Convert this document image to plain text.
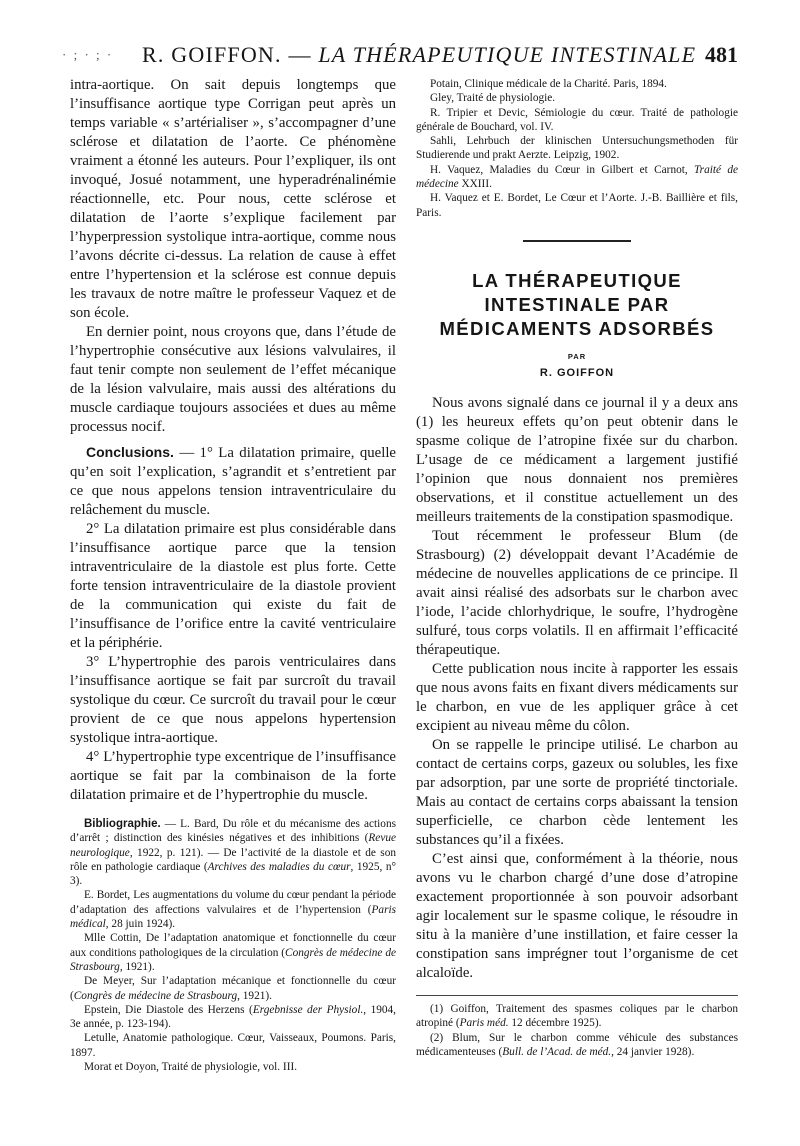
· ; · ; · R. GOIFFON. — LA THÉRAPEUTIQUE INTESTINALE 481

intra-aortique. On sait depuis longtemps que l’insuffisance aortique type Corrigan peut après un temps variable « s’artérialiser », s’accompagner d’une sclérose et dilatation de l’aorte. Ce phénomène vraiment a étonné les auteurs. Pour l’expliquer, ils ont invoqué, Josué notamment, une hyperadrénalinémie réactionnelle, etc. Pour nous, cette sclérose et dilatation de l’aorte s’explique facilement par l’hyperpression systolique intra-aortique, comme nous l’avons décrite ci-dessus. La relation de cause à effet entre l’hypertension et la sclérose est connue depuis les travaux de notre maître le professeur Vaquez et de son école.

En dernier point, nous croyons que, dans l’étude de l’hypertrophie consécutive aux lésions valvulaires, il faut tenir compte non seulement de l’effet mécanique de la lésion valvulaire, mais aussi des altérations du muscle cardiaque toujours associées et dues au même processus nocif.

Conclusions. — 1° La dilatation primaire, quelle qu’en soit l’explication, s’agrandit et s’entretient par ce que nous appelons tension intraventriculaire du relâchement du muscle.

2° La dilatation primaire est plus considérable dans l’insuffisance aortique parce que la tension intraventriculaire de la diastole est plus forte. Cette forte tension intraventriculaire de la diastole provient de la communication qui existe du fait de l’insuffisance de l’orifice entre la cavité ventriculaire et la périphérie.

3° L’hypertrophie des parois ventriculaires dans l’insuffisance aortique se fait par surcroît du travail systolique du cœur. Ce surcroît du travail pour le cœur provient de ce que nous appelons hypertension systolique intra-aortique.

4° L’hypertrophie type excentrique de l’insuffisance aortique se fait par la combinaison de la forte dilatation primaire et de l’hypertrophie du muscle.

Bibliographie. — L. Bard, Du rôle et du mécanisme des actions d’arrêt ; distinction des kinésies négatives et des inhibitions (Revue neurologique, 1922, p. 121). — De l’activité de la diastole et de son rôle en pathologie cardiaque (Archives des maladies du cœur, 1925, n° 3).

E. Bordet, Les augmentations du volume du cœur pendant la période d’adaptation des affections valvulaires et de l’hypertension (Paris médical, 28 juin 1924).

Mlle Cottin, De l’adaptation anatomique et fonctionnelle du cœur aux conditions pathologiques de la circulation (Congrès de médecine de Strasbourg, 1921).

De Meyer, Sur l’adaptation mécanique et fonctionnelle du cœur (Congrès de médecine de Strasbourg, 1921).

Epstein, Die Diastole des Herzens (Ergebnisse der Physiol., 1904, 3e année, p. 123-194).

Letulle, Anatomie pathologique. Cœur, Vaisseaux, Poumons. Paris, 1897.

Morat et Doyon, Traité de physiologie, vol. III.

Potain, Clinique médicale de la Charité. Paris, 1894.

Gley, Traité de physiologie.

R. Tripier et Devic, Sémiologie du cœur. Traité de pathologie générale de Bouchard, vol. IV.

Sahli, Lehrbuch der klinischen Untersuchungsmethoden für Studierende und prakt Aerzte. Leipzig, 1902.

H. Vaquez, Maladies du Cœur in Gilbert et Carnot, Traité de médecine XXIII.

H. Vaquez et E. Bordet, Le Cœur et l’Aorte. J.-B. Baillière et fils, Paris.

LA THÉRAPEUTIQUE
INTESTINALE PAR
MÉDICAMENTS ADSORBÉS

PAR

R. GOIFFON

Nous avons signalé dans ce journal il y a deux ans (1) les heureux effets qu’on peut obtenir dans le spasme colique de l’atropine fixée sur du charbon. L’usage de ce médicament a largement justifié l’opinion que nous donnaient nos premières observations, et il constitue actuellement un des meilleurs traitements de la constipation spasmodique.

Tout récemment le professeur Blum (de Strasbourg) (2) développait devant l’Académie de médecine de nouvelles applications de ce principe. Il avait ainsi réalisé des adsorbats sur le charbon avec l’iode, l’acide chlorhydrique, le soufre, l’hydrogène sulfuré, tous corps volatils. Il en affirmait l’efficacité thérapeutique.

Cette publication nous incite à rapporter les essais que nous avons faits en fixant divers médicaments sur le charbon, en vue de les appliquer grâce à cet excipient au niveau même du côlon.

On se rappelle le principe utilisé. Le charbon au contact de certains corps, gazeux ou solubles, les fixe par adsorption, par une sorte de propriété tinctoriale. Mais au contact de certains corps abaissant la tension superficielle, ce charbon cède lentement les substances qu’il a fixées.

C’est ainsi que, conformément à la théorie, nous avons vu le charbon chargé d’une dose d’atropine exactement proportionnée à son pouvoir adsorbant agir localement sur le spasme colique, le résoudre in situ à la manière d’une instillation, et faire cesser la constipation sans imprégner tout l’organisme de cet alcaloïde.

(1) Goiffon, Traitement des spasmes coliques par le charbon atropiné (Paris méd. 12 décembre 1925).

(2) Blum, Sur le charbon comme véhicule des substances médicamenteuses (Bull. de l’Acad. de méd., 24 janvier 1928).
